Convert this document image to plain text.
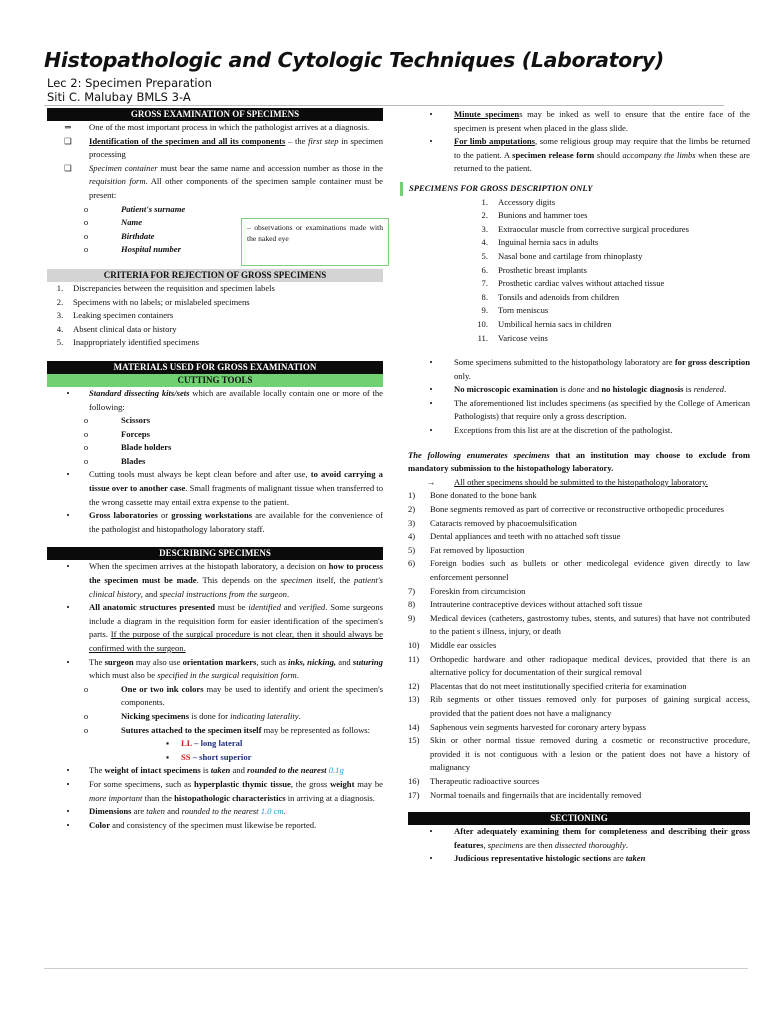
Histopathologic and Cytologic Techniques (Laboratory)
Lec 2: Specimen Preparation
Siti C. Malubay BMLS 3-A
GROSS EXAMINATION OF SPECIMENS
⇒	One of the most important process in which the pathologist arrives at a diagnosis.
❑	Identification of the specimen and all its components – the first step in specimen processing
❑	Specimen container must bear the same name and accession number as those in the requisition form. All other components of the specimen sample container must be present:
o	Patient's surname
o	Name
o	Birthdate
o	Hospital number
CRITERIA FOR REJECTION OF GROSS SPECIMENS
1.	Discrepancies between the requisition and specimen labels
2.	Specimens with no labels; or mislabeled specimens
3.	Leaking specimen containers
4.	Absent clinical data or history
5.	Inappropriately identified specimens
MATERIALS USED FOR GROSS EXAMINATION
CUTTING TOOLS
•	Standard dissecting kits/sets which are available locally contain one or more of the following:
o	Scissors
o	Forceps
o	Blade holders
o	Blades
•	Cutting tools must always be kept clean before and after use, to avoid carrying a tissue over to another case. Small fragments of malignant tissue when transferred to the wrong cassette may entail extra expense to the patient.
•	Gross laboratories or grossing workstations are available for the convenience of the pathologist and histopathology laboratory staff.
DESCRIBING SPECIMENS
•	When the specimen arrives at the histopath laboratory, a decision on how to process the specimen must be made. This depends on the specimen itself, the patient's clinical history, and special instructions from the surgeon.
•	All anatomic structures presented must be identified and verified. Some surgeons include a diagram in the requisition form for easier identification of the specimen's parts. If the purpose of the surgical procedure is not clear, then it should always be confirmed with the surgeon.
•	The surgeon may also use orientation markers, such as inks, nicking, and suturing which must also be specified in the surgical requisition form.
o	One or two ink colors may be used to identify and orient the specimen's components.
o	Nicking specimens is done for indicating laterality.
o	Sutures attached to the specimen itself may be represented as follows:
▪	LL – long lateral
▪	SS – short superior
•	The weight of intact specimens is taken and rounded to the nearest 0.1g
•	For some specimens, such as hyperplastic thymic tissue, the gross weight may be more important than the histopathologic characteristics in arriving at a diagnosis.
•	Dimensions are taken and rounded to the nearest 1.0 cm.
•	Color and consistency of the specimen must likewise be reported.
– observations or examinations made with the naked eye
•	Minute specimens may be inked as well to ensure that the entire face of the specimen is present when placed in the glass slide.
•	For limb amputations, some religious group may require that the limbs be returned to the patient. A specimen release form should accompany the limbs when these are returned to the patient.
SPECIMENS FOR GROSS DESCRIPTION ONLY
1.	Accessory digits
2.	Bunions and hammer toes
3.	Extraocular muscle from corrective surgical procedures
4.	Inguinal hernia sacs in adults
5.	Nasal bone and cartilage from rhinoplasty
6.	Prosthetic breast implants
7.	Prosthetic cardiac valves without attached tissue
8.	Tonsils and adenoids from children
9.	Torn meniscus
10.	Umbilical hernia sacs in children
11.	Varicose veins
•	Some specimens submitted to the histopathology laboratory are for gross description only.
•	No microscopic examination is done and no histologic diagnosis is rendered.
•	The aforementioned list includes specimens (as specified by the College of American Pathologists) that require only a gross description.
•	Exceptions from this list are at the discretion of the pathologist.
The following enumerates specimens that an institution may choose to exclude from mandatory submission to the histopathology laboratory.
→	All other specimens should be submitted to the histopathology laboratory.
1)	Bone donated to the bone bank
2)	Bone segments removed as part of corrective or reconstructive orthopedic procedures
3)	Cataracts removed by phacoemulsification
4)	Dental appliances and teeth with no attached soft tissue
5)	Fat removed by liposuction
6)	Foreign bodies such as bullets or other medicolegal evidence given directly to law enforcement personnel
7)	Foreskin from circumcision
8)	Intrauterine contraceptive devices without attached soft tissue
9)	Medical devices (catheters, gastrostomy tubes, stents, and sutures) that have not contributed to the patient s illness, injury, or death
10)	Middle ear ossicles
11)	Orthopedic hardware and other radiopaque medical devices, provided that there is an alternative policy for documentation of their surgical removal
12)	Placentas that do not meet institutionally specified criteria for examination
13)	Rib segments or other tissues removed only for purposes of gaining surgical access, provided that the patient does not have a malignancy
14)	Saphenous vein segments harvested for coronary artery bypass
15)	Skin or other normal tissue removed during a cosmetic or reconstructive procedure, provided it is not contiguous with a lesion or the patient does not have a history of malignancy
16)	Therapeutic radioactive sources
17)	Normal toenails and fingernails that are incidentally removed
SECTIONING
•	After adequately examining them for completeness and describing their gross features, specimens are then dissected thoroughly.
•	Judicious representative histologic sections are taken
